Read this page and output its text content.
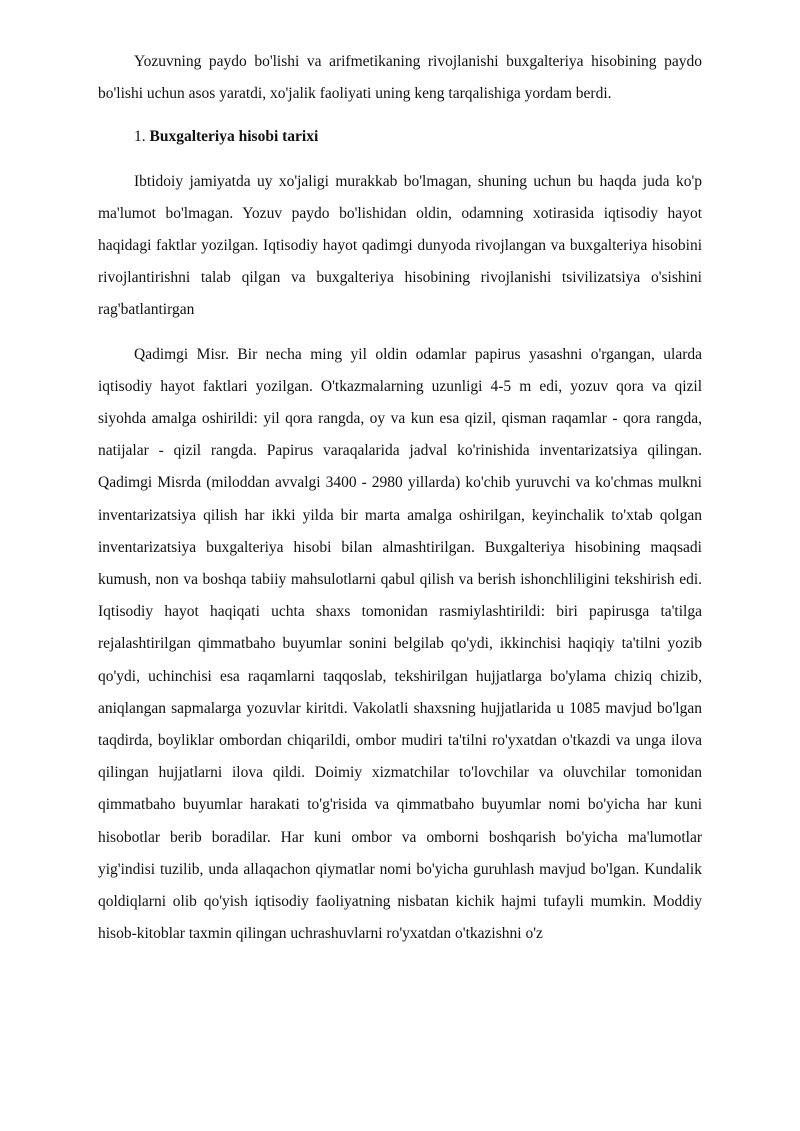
Yozuvning paydo bo'lishi va arifmetikaning rivojlanishi buxgalteriya hisobining paydo bo'lishi uchun asos yaratdi, xo'jalik faoliyati uning keng tarqalishiga yordam berdi.

1. Buxgalteriya hisobi tarixi

Ibtidoiy jamiyatda uy xo'jaligi murakkab bo'lmagan, shuning uchun bu haqda juda ko'p ma'lumot bo'lmagan. Yozuv paydo bo'lishidan oldin, odamning xotirasida iqtisodiy hayot haqidagi faktlar yozilgan. Iqtisodiy hayot qadimgi dunyoda rivojlangan va buxgalteriya hisobini rivojlantirishni talab qilgan va buxgalteriya hisobining rivojlanishi tsivilizatsiya o'sishini rag'batlantirgan

Qadimgi Misr. Bir necha ming yil oldin odamlar papirus yasashni o'rgangan, ularda iqtisodiy hayot faktlari yozilgan. O'tkazmalarning uzunligi 4-5 m edi, yozuv qora va qizil siyohda amalga oshirildi: yil qora rangda, oy va kun esa qizil, qisman raqamlar - qora rangda, natijalar - qizil rangda. Papirus varaqalarida jadval ko'rinishida inventarizatsiya qilingan. Qadimgi Misrda (miloddan avvalgi 3400 - 2980 yillarda) ko'chib yuruvchi va ko'chmas mulkni inventarizatsiya qilish har ikki yilda bir marta amalga oshirilgan, keyinchalik to'xtab qolgan inventarizatsiya buxgalteriya hisobi bilan almashtirilgan. Buxgalteriya hisobining maqsadi kumush, non va boshqa tabiiy mahsulotlarni qabul qilish va berish ishonchliligini tekshirish edi. Iqtisodiy hayot haqiqati uchta shaxs tomonidan rasmiylashtirildi: biri papirusga ta'tilga rejalashtirilgan qimmatbaho buyumlar sonini belgilab qo'ydi, ikkinchisi haqiqiy ta'tilni yozib qo'ydi, uchinchisi esa raqamlarni taqqoslab, tekshirilgan hujjatlarga bo'ylama chiziq chizib, aniqlangan sapmalarga yozuvlar kiritdi. Vakolatli shaxsning hujjatlarida u 1085 mavjud bo'lgan taqdirda, boyliklar ombordan chiqarildi, ombor mudiri ta'tilni ro'yxatdan o'tkazdi va unga ilova qilingan hujjatlarni ilova qildi. Doimiy xizmatchilar to'lovchilar va oluvchilar tomonidan qimmatbaho buyumlar harakati to'g'risida va qimmatbaho buyumlar nomi bo'yicha har kuni hisobotlar berib boradilar. Har kuni ombor va omborni boshqarish bo'yicha ma'lumotlar yig'indisi tuzilib, unda allaqachon qiymatlar nomi bo'yicha guruhlash mavjud bo'lgan. Kundalik qoldiqlarni olib qo'yish iqtisodiy faoliyatning nisbatan kichik hajmi tufayli mumkin. Moddiy hisob-kitoblar taxmin qilingan uchrashuvlarni ro'yxatdan o'tkazishni o'z
